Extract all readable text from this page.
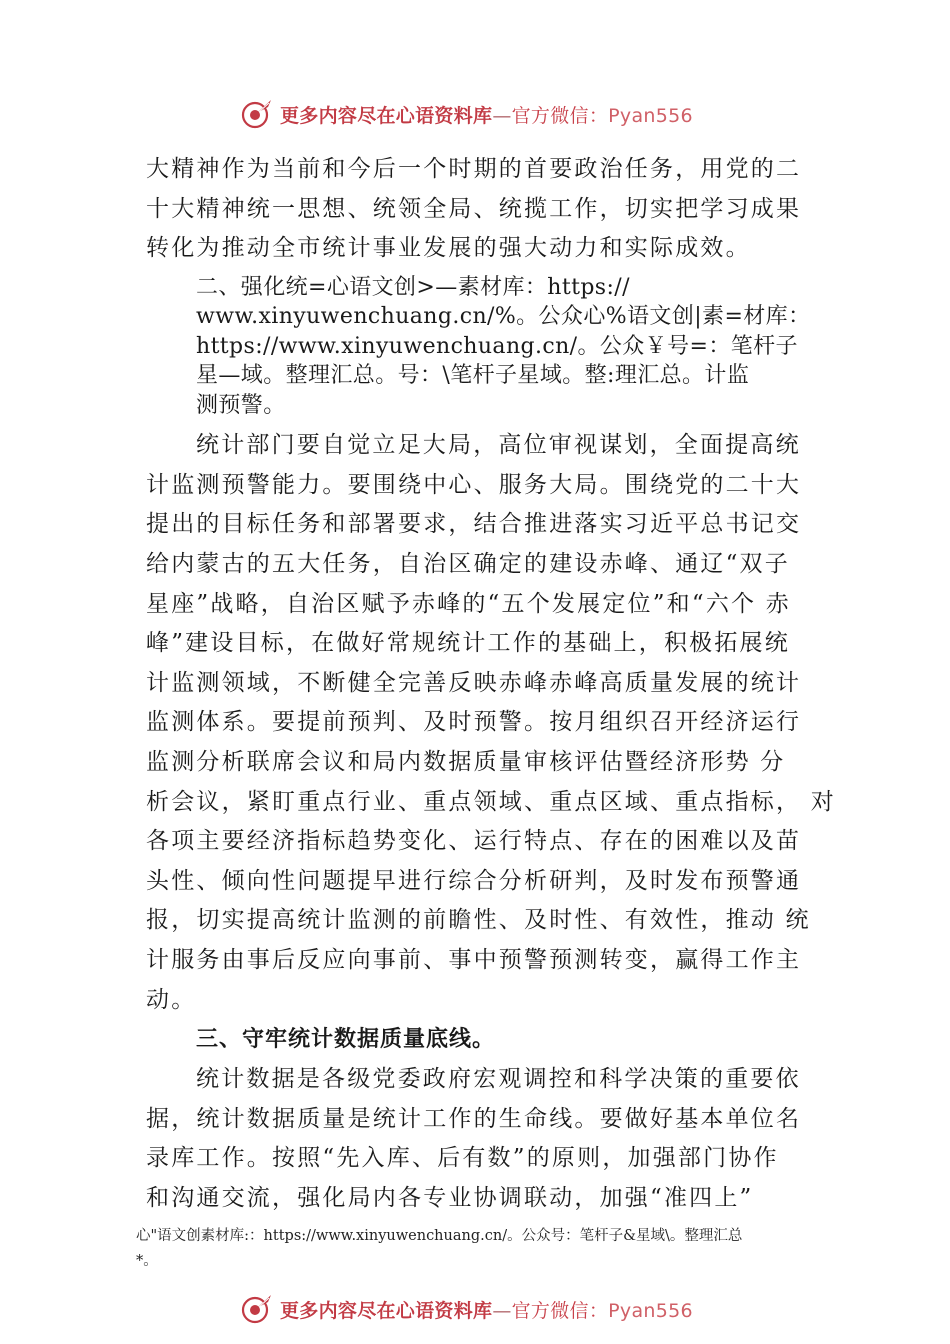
更多内容尽在心语资料库—官方微信：Pyan556
大精神作为当前和今后一个时期的首要政治任务，用党的二
十大精神统一思想、统领全局、统揽工作，切实把学习成果
转化为推动全市统计事业发展的强大动力和实际成效。
二、强化统=心语文创>—素材库：https://
www.xinyuwenchuang.cn/%。公众心%语文创|素=材库：
https://www.xinyuwenchuang.cn/。公众￥号=：笔杆子
星—域。整理汇总。号：\笔杆子星域。整:理汇总。计监
测预警。
统计部门要自觉立足大局，高位审视谋划，全面提高统
计监测预警能力。要围绕中心、服务大局。围绕党的二十大
提出的目标任务和部署要求，结合推进落实习近平总书记交
给内蒙古的五大任务，自治区确定的建设赤峰、通辽“双子
星座”战略，自治区赋予赤峰的“五个发展定位”和“六个 赤
峰”建设目标，在做好常规统计工作的基础上，积极拓展统
计监测领域，不断健全完善反映赤峰赤峰高质量发展的统计
监测体系。要提前预判、及时预警。按月组织召开经济运行
监测分析联席会议和局内数据质量审核评估暨经济形势 分
析会议，紧盯重点行业、重点领域、重点区域、重点指标， 对
各项主要经济指标趋势变化、运行特点、存在的困难以及苗
头性、倾向性问题提早进行综合分析研判，及时发布预警通
报，切实提高统计监测的前瞻性、及时性、有效性，推动 统
计服务由事后反应向事前、事中预警预测转变，赢得工作主
动。
三、守牢统计数据质量底线。
统计数据是各级党委政府宏观调控和科学决策的重要依
据，统计数据质量是统计工作的生命线。要做好基本单位名
录库工作。按照“先入库、后有数”的原则，加强部门协作
和沟通交流，强化局内各专业协调联动，加强“准四上”
心"语文创素材库:：https://www.xinyuwenchuang.cn/。公众号：笔杆子&星域\。整理汇总
*。
更多内容尽在心语资料库—官方微信：Pyan556
